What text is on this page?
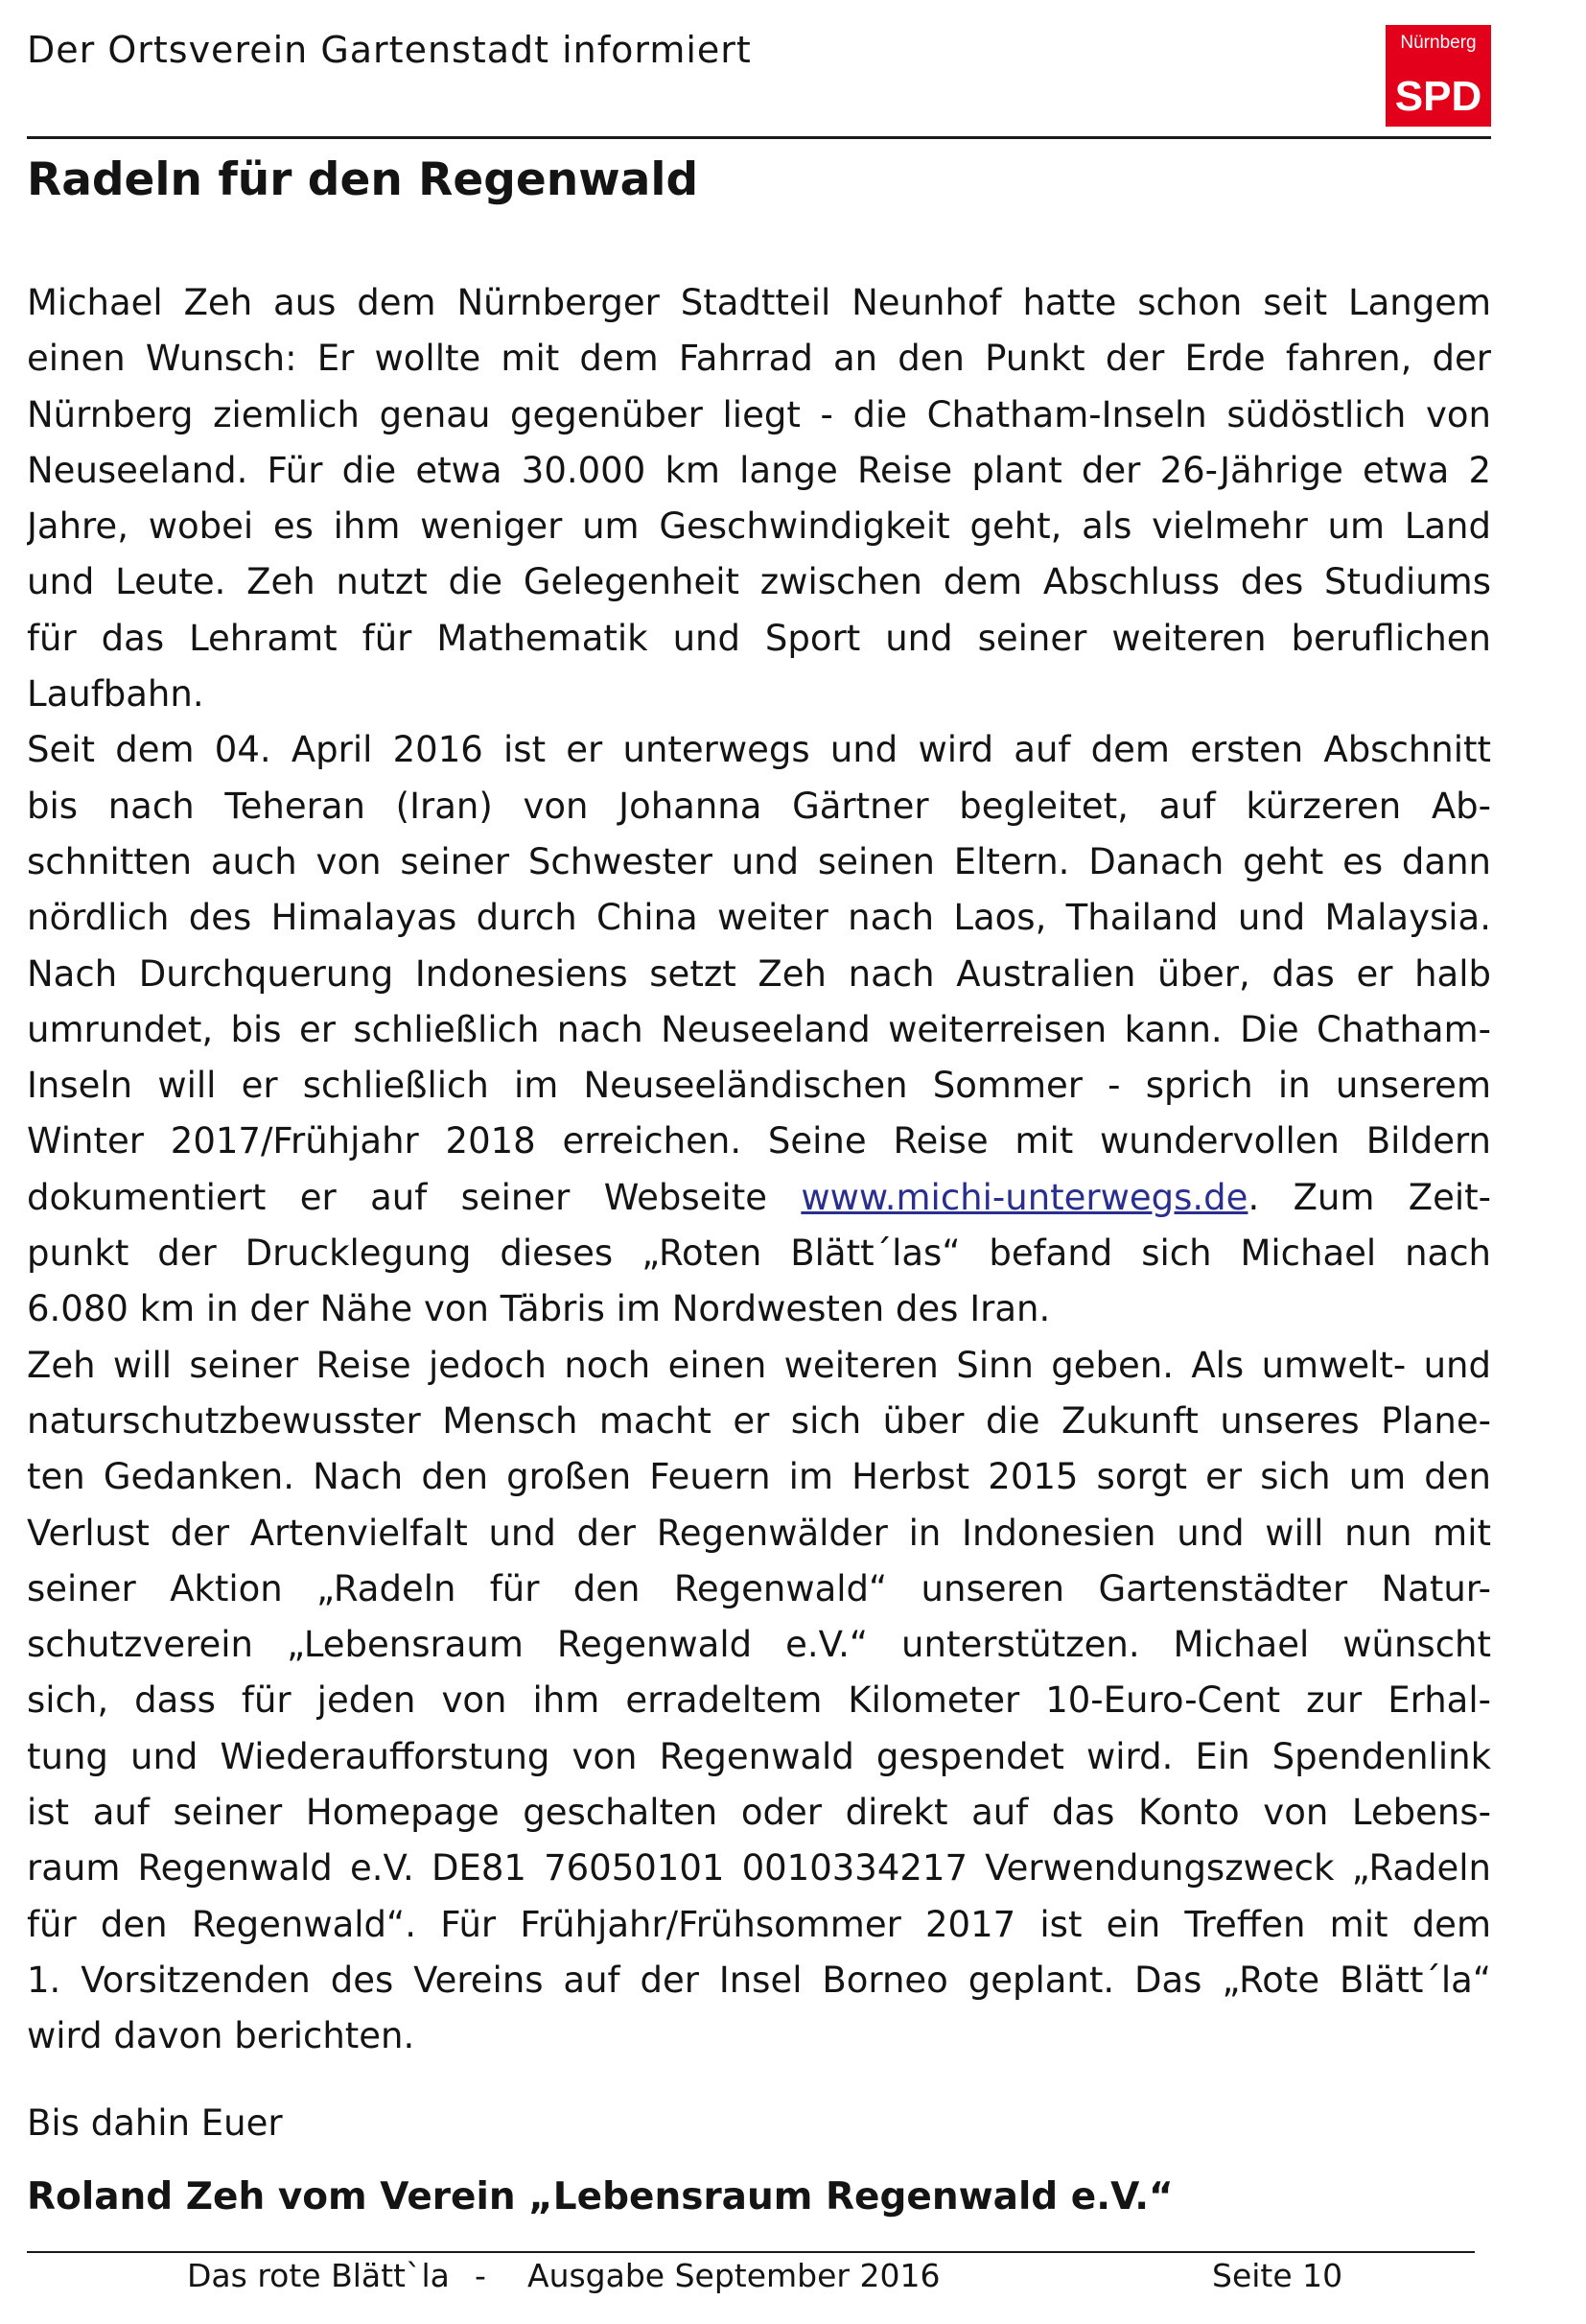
Der Ortsverein Gartenstadt informiert	Nürnberg
SPD
Radeln für den Regenwald
Michael Zeh aus dem Nürnberger Stadtteil Neunhof hatte schon seit Langem
einen Wunsch: Er wollte mit dem Fahrrad an den Punkt der Erde fahren, der
Nürnberg ziemlich genau gegenüber liegt - die Chatham-Inseln südöstlich von
Neuseeland. Für die etwa 30.000 km lange Reise plant der 26-Jährige etwa 2
Jahre, wobei es ihm weniger um Geschwindigkeit geht, als vielmehr um Land
und Leute. Zeh nutzt die Gelegenheit zwischen dem Abschluss des Studiums
für das Lehramt für Mathematik und Sport und seiner weiteren beruflichen
Laufbahn.
Seit dem 04. April 2016 ist er unterwegs und wird auf dem ersten Abschnitt
bis nach Teheran (Iran) von Johanna Gärtner begleitet, auf kürzeren Ab-
schnitten auch von seiner Schwester und seinen Eltern. Danach geht es dann
nördlich des Himalayas durch China weiter nach Laos, Thailand und Malaysia.
Nach Durchquerung Indonesiens setzt Zeh nach Australien über, das er halb
umrundet, bis er schließlich nach Neuseeland weiterreisen kann. Die Chatham-
Inseln will er schließlich im Neuseeländischen Sommer - sprich in unserem
Winter 2017/Frühjahr 2018 erreichen. Seine Reise mit wundervollen Bildern
dokumentiert er auf seiner Webseite www.michi-unterwegs.de. Zum Zeit-
punkt der Drucklegung dieses „Roten Blätt´las“ befand sich Michael nach
6.080 km in der Nähe von Täbris im Nordwesten des Iran.
Zeh will seiner Reise jedoch noch einen weiteren Sinn geben. Als umwelt- und
naturschutzbewusster Mensch macht er sich über die Zukunft unseres Plane-
ten Gedanken. Nach den großen Feuern im Herbst 2015 sorgt er sich um den
Verlust der Artenvielfalt und der Regenwälder in Indonesien und will nun mit
seiner Aktion „Radeln für den Regenwald“ unseren Gartenstädter Natur-
schutzverein „Lebensraum Regenwald e.V.“ unterstützen. Michael wünscht
sich, dass für jeden von ihm erradeltem Kilometer 10-Euro-Cent zur Erhal-
tung und Wiederaufforstung von Regenwald gespendet wird. Ein Spendenlink
ist auf seiner Homepage geschalten oder direkt auf das Konto von Lebens-
raum Regenwald e.V. DE81 76050101 0010334217 Verwendungszweck „Radeln
für den Regenwald“. Für Frühjahr/Frühsommer 2017 ist ein Treffen mit dem
1. Vorsitzenden des Vereins auf der Insel Borneo geplant. Das „Rote Blätt´la“
wird davon berichten.
Bis dahin Euer
Roland Zeh vom Verein „Lebensraum Regenwald e.V.“
Das rote Blätt`la - Ausgabe September 2016	Seite 10
